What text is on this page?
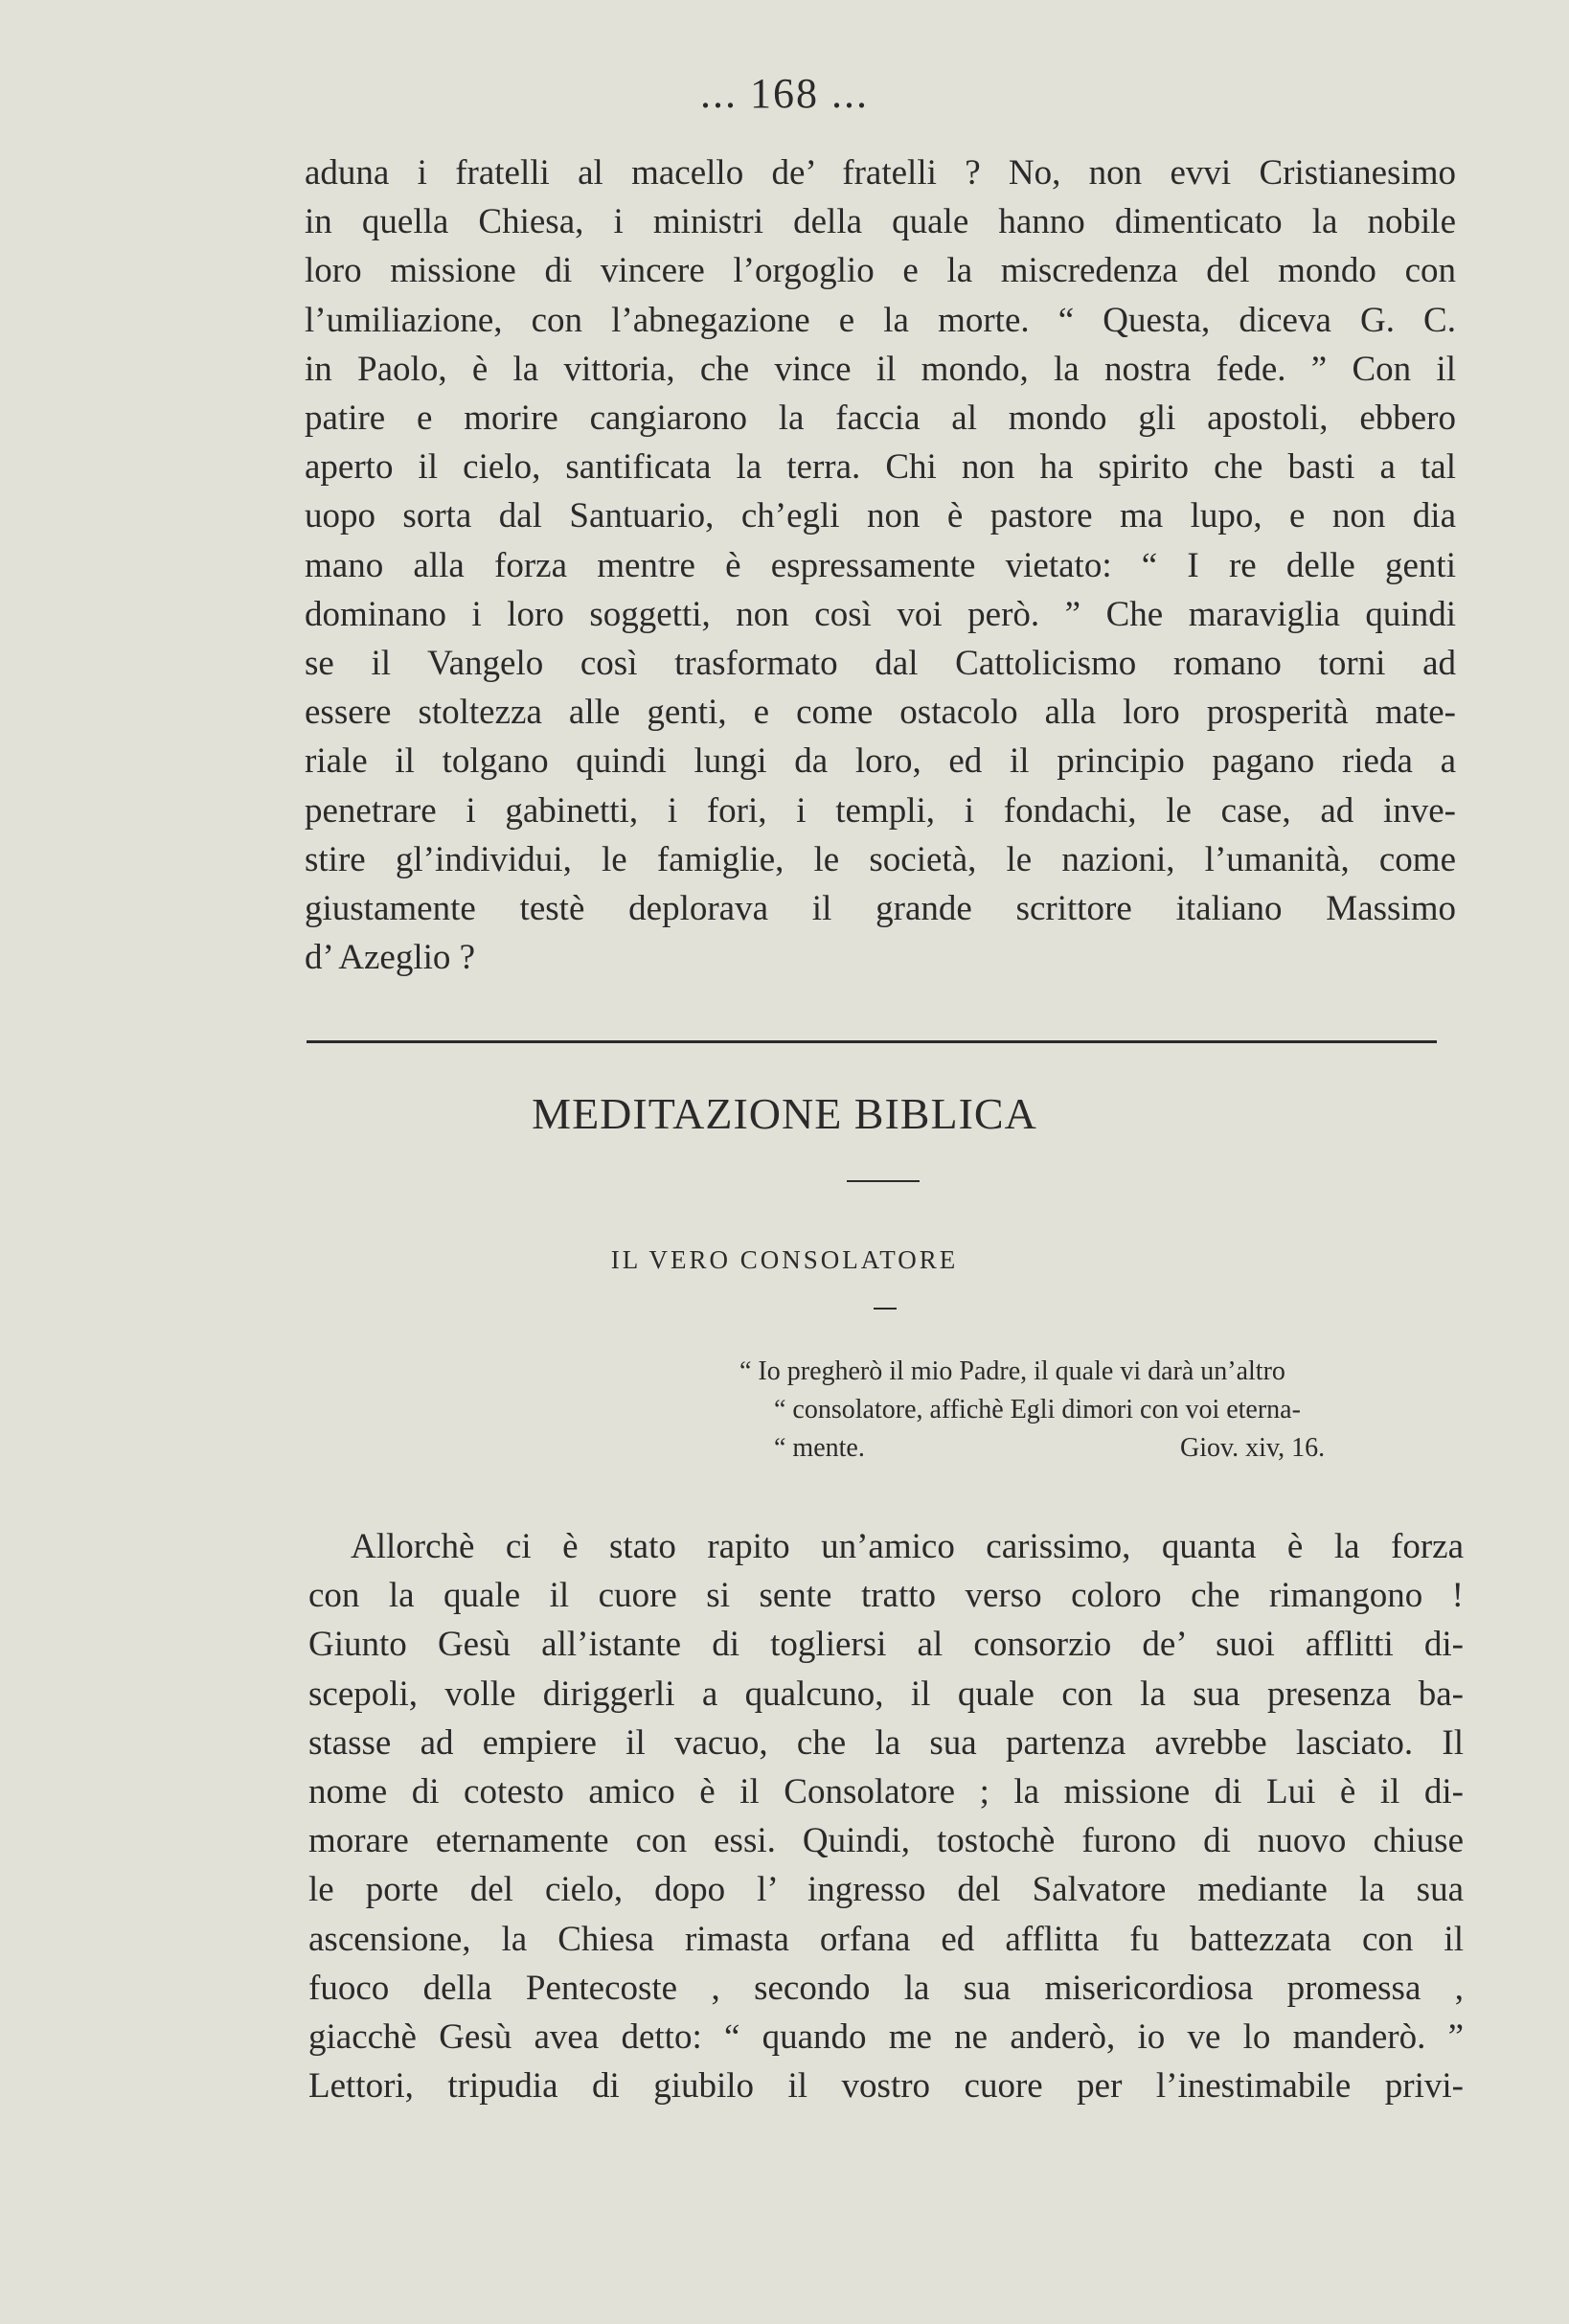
... 168 ...
aduna i fratelli al macello de’ fratelli ? No, non evvi Cristianesimo
in quella Chiesa, i ministri della quale hanno dimenticato la nobile
loro missione di vincere l’orgoglio e la miscredenza del mondo con
l’umiliazione, con l’abnegazione e la morte. “ Questa, diceva G. C.
in Paolo, è la vittoria, che vince il mondo, la nostra fede. ” Con il
patire e morire cangiarono la faccia al mondo gli apostoli, ebbero
aperto il cielo, santificata la terra. Chi non ha spirito che basti a tal
uopo sorta dal Santuario, ch’egli non è pastore ma lupo, e non dia
mano alla forza mentre è espressamente vietato: “ I re delle genti
dominano i loro soggetti, non così voi però. ” Che maraviglia quindi
se il Vangelo così trasformato dal Cattolicismo romano torni ad
essere stoltezza alle genti, e come ostacolo alla loro prosperità mate-
riale il tolgano quindi lungi da loro, ed il principio pagano rieda a
penetrare i gabinetti, i fori, i templi, i fondachi, le case, ad inve-
stire gl’individui, le famiglie, le società, le nazioni, l’umanità, come
giustamente testè deplorava il grande scrittore italiano Massimo
d’ Azeglio ?
MEDITAZIONE BIBLICA
IL VERO CONSOLATORE
“ Io pregherò il mio Padre, il quale vi darà un’altro
“ consolatore, affichè Egli dimori con voi eterna-
“ mente.	Giov. xiv, 16.
Allorchè ci è stato rapito un’amico carissimo, quanta è la forza
con la quale il cuore si sente tratto verso coloro che rimangono !
Giunto Gesù all’istante di togliersi al consorzio de’ suoi afflitti di-
scepoli, volle diriggerli a qualcuno, il quale con la sua presenza ba-
stasse ad empiere il vacuo, che la sua partenza avrebbe lasciato. Il
nome di cotesto amico è il Consolatore ; la missione di Lui è il di-
morare eternamente con essi. Quindi, tostochè furono di nuovo chiuse
le porte del cielo, dopo l’ ingresso del Salvatore mediante la sua
ascensione, la Chiesa rimasta orfana ed afflitta fu battezzata con il
fuoco della Pentecoste , secondo la sua misericordiosa promessa ,
giacchè Gesù avea detto: “ quando me ne anderò, io ve lo manderò. ”
Lettori, tripudia di giubilo il vostro cuore per l’inestimabile privi-
